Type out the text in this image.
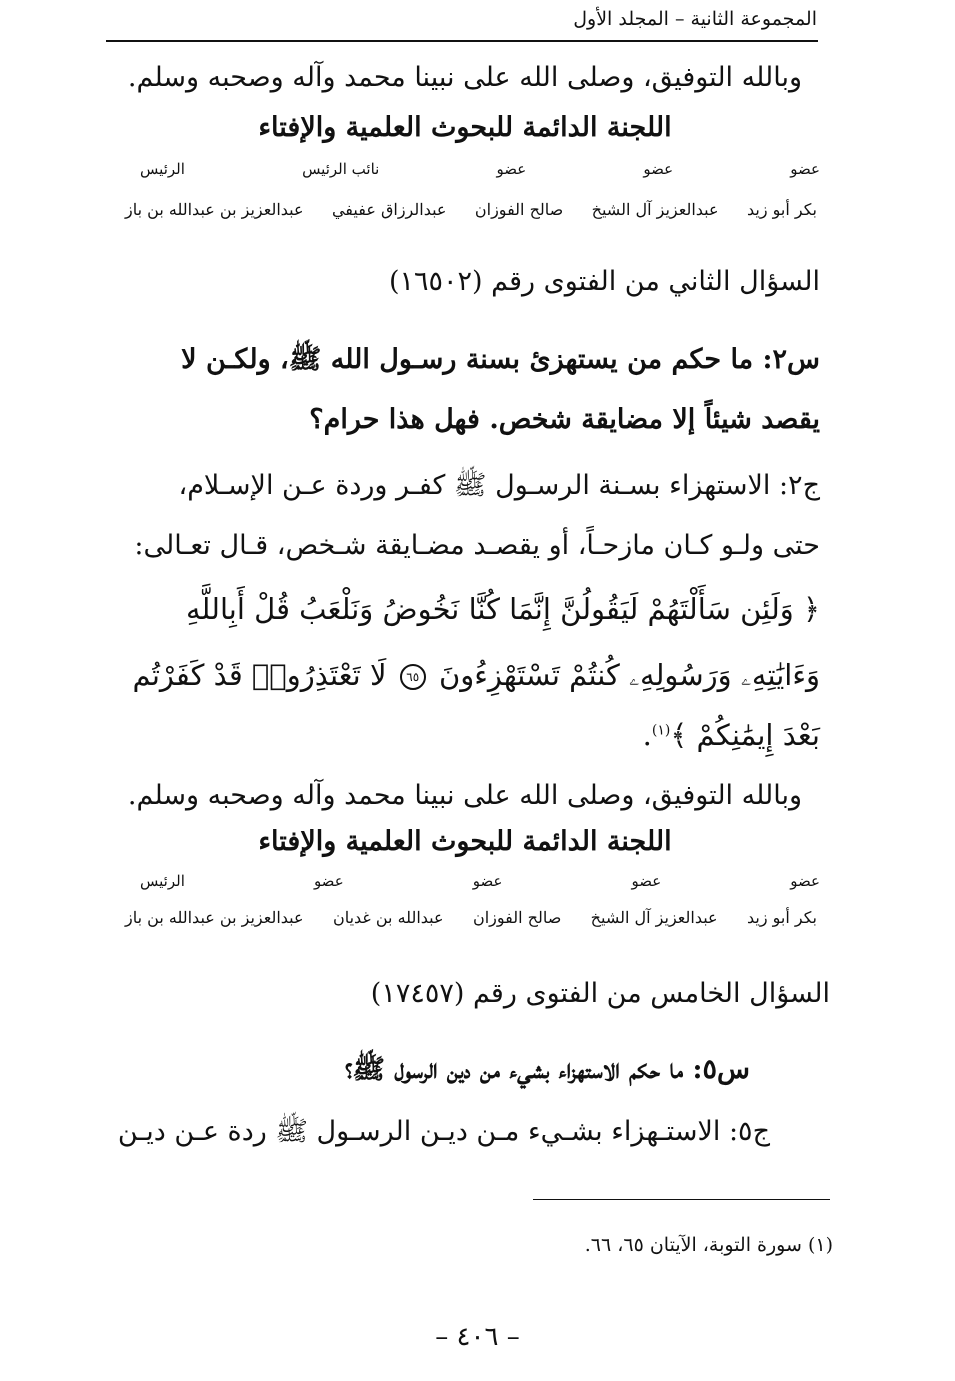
المجموعة الثانية – المجلد الأول
وبالله التوفيق، وصلى الله على نبينا محمد وآله وصحبه وسلم.
اللجنة الدائمة للبحوث العلمية والإفتاء
عضو
عضو
عضو
نائب الرئيس
الرئيس
بكر أبو زيد
عبدالعزيز آل الشيخ
صالح الفوزان
عبدالرزاق عفيفي
عبدالعزيز بن عبدالله بن باز
السؤال الثاني من الفتوى رقم (١٦٥٠٢)
س٢: ما حكم من يستهزئ بسنة رسـول الله ﷺ، ولكـن لا
يقصد شيئاً إلا مضايقة شخص. فهل هذا حرام؟
ج٢: الاستهزاء بسـنة الرسـول ﷺ كفـر وردة عـن الإسـلام،
حتى ولـو كـان مازحـاً، أو يقصـد مضـايقة شـخص، قـال تعـالى:
﴿ وَلَئِن سَأَلْتَهُمْ لَيَقُولُنَّ إِنَّمَا كُنَّا نَخُوضُ وَنَلْعَبُ قُلْ أَبِاللَّهِ
وَءَايَٰتِهِۦ وَرَسُولِهِۦ كُنتُمْ تَسْتَهْزِءُونَ ٦٥ لَا تَعْتَذِرُوا۟ قَدْ كَفَرْتُم
بَعْدَ إِيمَٰنِكُمْ ﴾$^{(١)}$.
وبالله التوفيق، وصلى الله على نبينا محمد وآله وصحبه وسلم.
اللجنة الدائمة للبحوث العلمية والإفتاء
عضو
عضو
عضو
عضو
الرئيس
بكر أبو زيد
عبدالعزيز آل الشيخ
صالح الفوزان
عبدالله بن غديان
عبدالعزيز بن عبدالله بن باز
السؤال الخامس من الفتوى رقم (١٧٤٥٧)
س٥: ما حكم الاستهزاء بشيء من دين الرسول ﷺ؟
ج٥: الاستـهزاء بشـيء مـن ديـن الرسـول ﷺ ردة عـن ديـن
(١) سورة التوبة، الآيتان ٦٥، ٦٦.
– ٤٠٦ –
